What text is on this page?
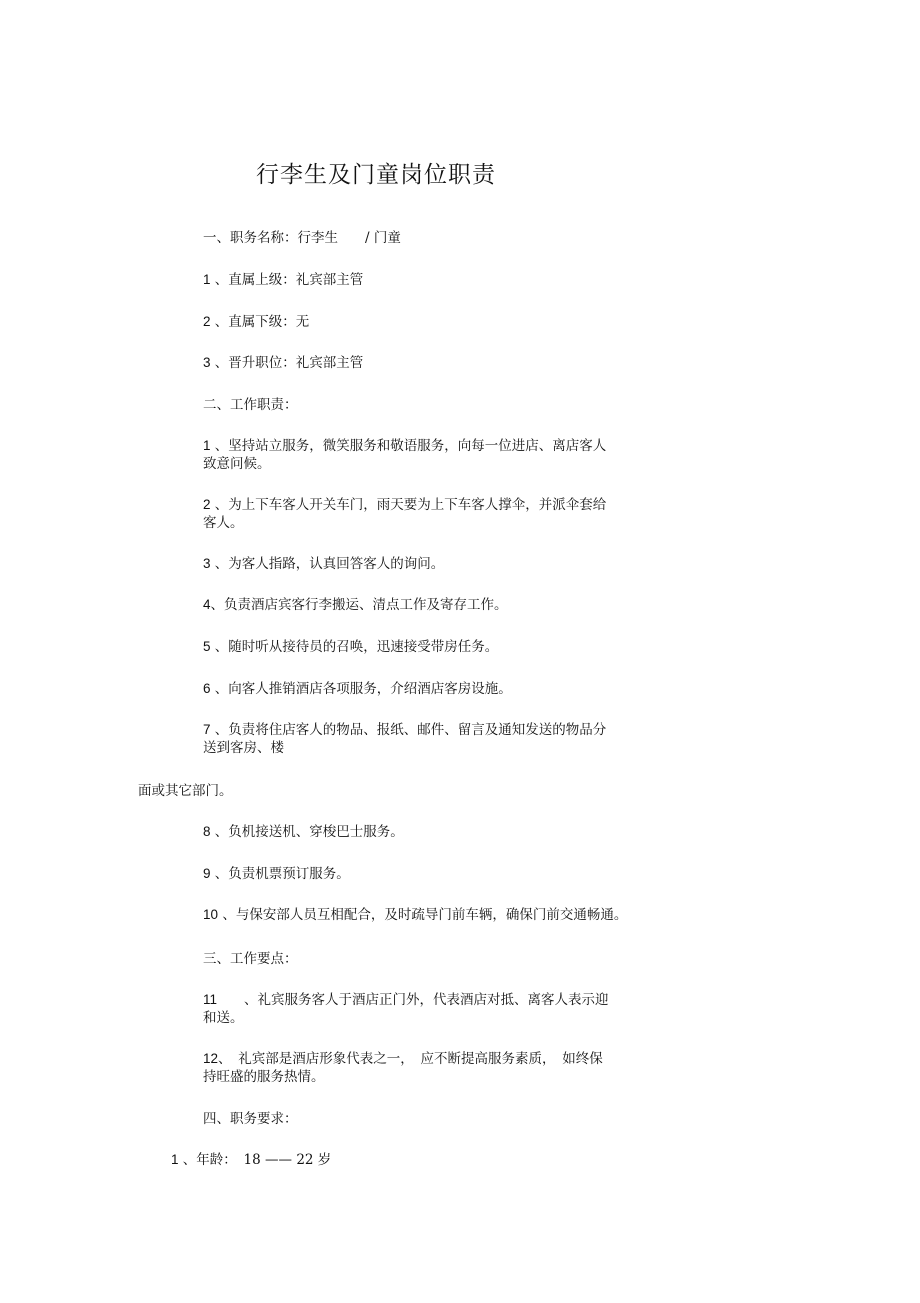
行李生及门童岗位职责
一、职务名称：行李生　　/ 门童
1 、直属上级：礼宾部主管
2 、直属下级：无
3 、晋升职位：礼宾部主管
二、工作职责：
1 、坚持站立服务，微笑服务和敬语服务，向每一位进店、离店客人致意问候。
2 、为上下车客人开关车门，雨天要为上下车客人撑伞，并派伞套给客人。
3 、为客人指路，认真回答客人的询问。
4、负责酒店宾客行李搬运、清点工作及寄存工作。
5 、随时听从接待员的召唤，迅速接受带房任务。
6 、向客人推销酒店各项服务，介绍酒店客房设施。
7 、负责将住店客人的物品、报纸、邮件、留言及通知发送的物品分送到客房、楼
面或其它部门。
8 、负机接送机、穿梭巴士服务。
9 、负责机票预订服务。
10 、与保安部人员互相配合，及时疏导门前车辆，确保门前交通畅通。
三、工作要点：
11　　、礼宾服务客人于酒店正门外，代表酒店对抵、离客人表示迎和送。
12、　礼宾部是酒店形象代表之一，　应不断提高服务素质，　如终保持旺盛的服务热情。
四、职务要求：
1 、年龄：　18 —— 22 岁
